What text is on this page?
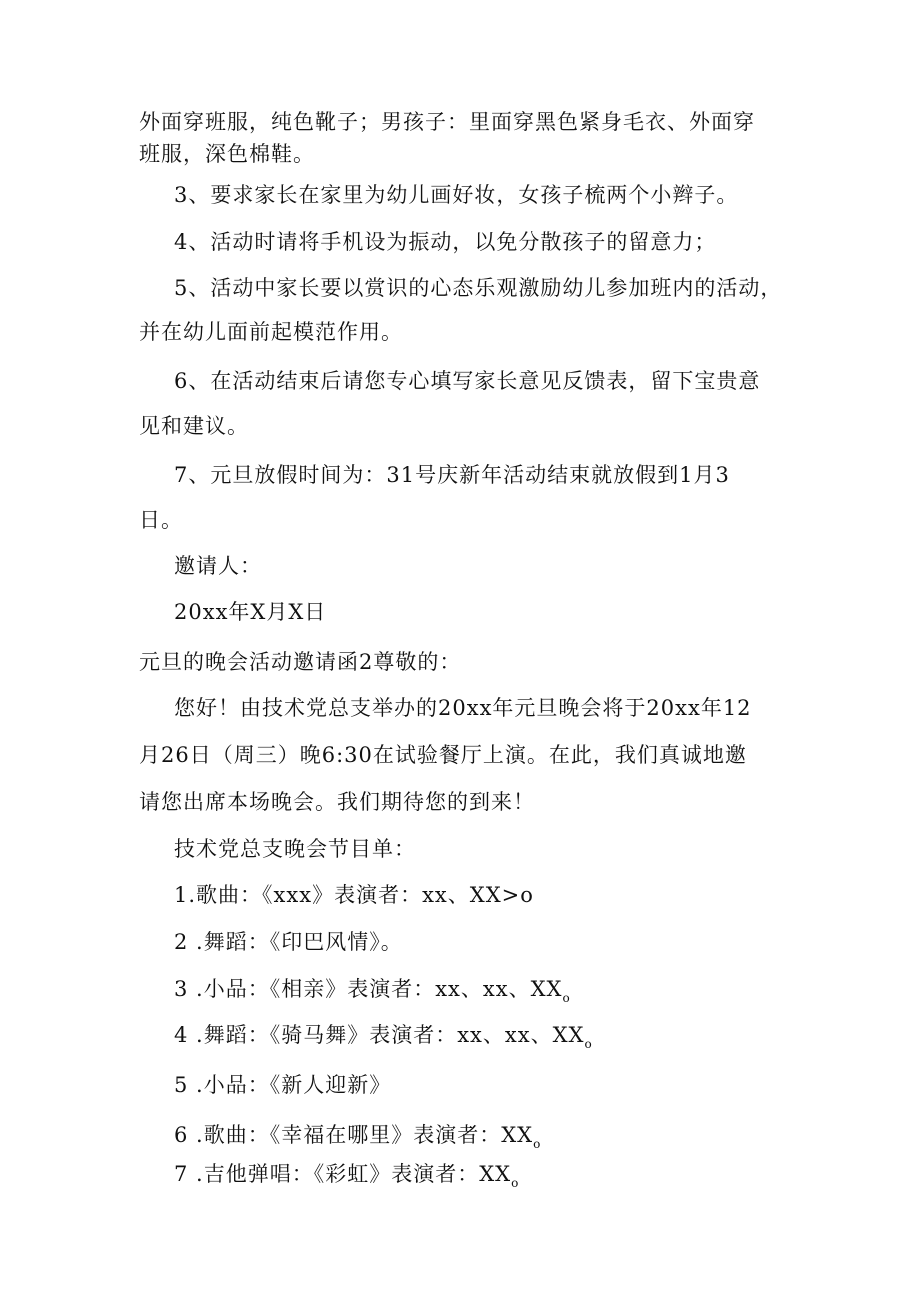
外面穿班服，纯色靴子；男孩子：里面穿黑色紧身毛衣、外面穿
班服，深色棉鞋。
3、要求家长在家里为幼儿画好妆，女孩子梳两个小辫子。
4、活动时请将手机设为振动，以免分散孩子的留意力；
5、活动中家长要以赏识的心态乐观激励幼儿参加班内的活动，
并在幼儿面前起模范作用。
6、在活动结束后请您专心填写家长意见反馈表，留下宝贵意
见和建议。
7、元旦放假时间为：31号庆新年活动结束就放假到1月3
日。
邀请人：
20xx年X月X日
元旦的晚会活动邀请函2尊敬的：
您好！由技术党总支举办的20xx年元旦晚会将于20xx年12
月26日（周三）晚6:30在试验餐厅上演。在此，我们真诚地邀
请您出席本场晚会。我们期待您的到来！
技术党总支晚会节目单：
1.歌曲：《xxx》表演者：xx、XX>o
2 .舞蹈：《印巴风情》。
3 .小品：《相亲》表演者：xx、xx、$XX_o$
4 .舞蹈：《骑马舞》表演者：xx、xx、$XX_o$
5 .小品：《新人迎新》
6 .歌曲：《幸福在哪里》表演者：$XX_o$
7 .吉他弹唱：《彩虹》表演者：$XX_o$
